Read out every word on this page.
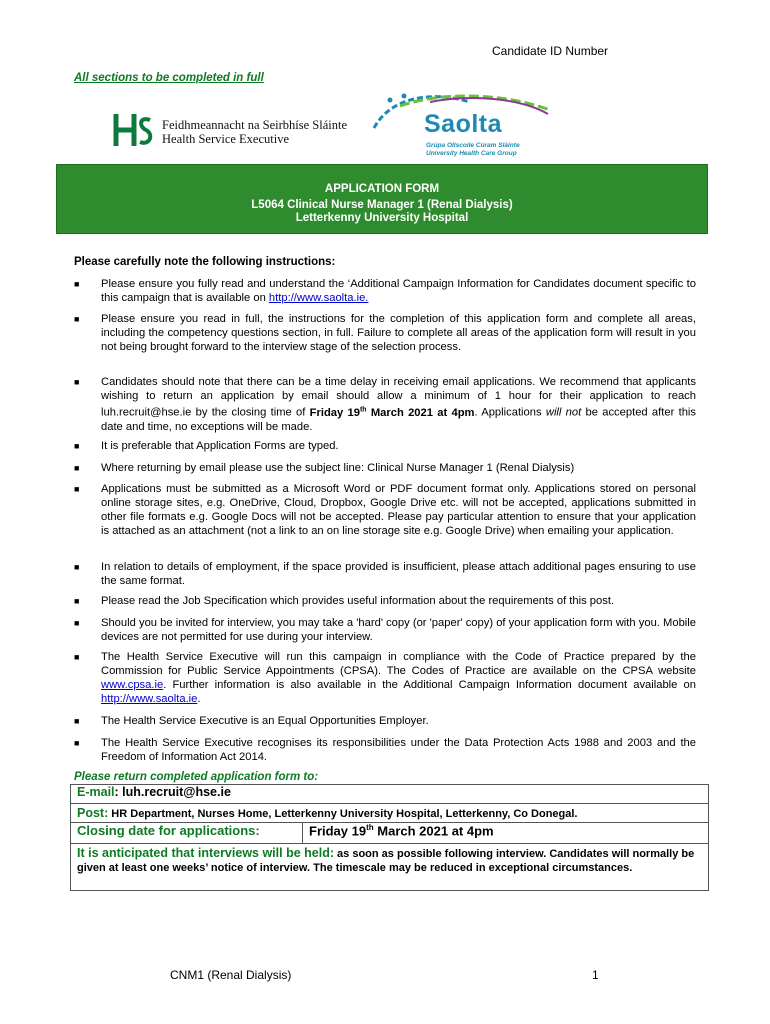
Candidate ID Number
All sections to be completed in full
Feidhmeannacht na Seirbhíse Sláinte
Health Service Executive
Saolta
Grúpa Ollscoile Cúram Sláinte
University Health Care Group
APPLICATION FORM
L5064 Clinical Nurse Manager 1 (Renal Dialysis)
Letterkenny University Hospital
Please carefully note the following instructions:
■	Please ensure you fully read and understand the ‘Additional Campaign Information for Candidates document specific to this campaign that is available on http://www.saolta.ie.
■	Please ensure you read in full, the instructions for the completion of this application form and complete all areas, including the competency questions section, in full. Failure to complete all areas of the application form will result in you not being brought forward to the interview stage of the selection process.
■	Candidates should note that there can be a time delay in receiving email applications. We recommend that applicants wishing to return an application by email should allow a minimum of 1 hour for their application to reach luh.recruit@hse.ie by the closing time of Friday 19th March 2021 at 4pm. Applications will not be accepted after this date and time, no exceptions will be made.
■	It is preferable that Application Forms are typed.
■	Where returning by email please use the subject line: Clinical Nurse Manager 1 (Renal Dialysis)
■	Applications must be submitted as a Microsoft Word or PDF document format only. Applications stored on personal online storage sites, e.g. OneDrive, Cloud, Dropbox, Google Drive etc. will not be accepted, applications submitted in other file formats e.g. Google Docs will not be accepted. Please pay particular attention to ensure that your application is attached as an attachment (not a link to an on line storage site e.g. Google Drive) when emailing your application.
■	In relation to details of employment, if the space provided is insufficient, please attach additional pages ensuring to use the same format.
■	Please read the Job Specification which provides useful information about the requirements of this post.
■	Should you be invited for interview, you may take a 'hard' copy (or 'paper' copy) of your application form with you. Mobile devices are not permitted for use during your interview.
■	The Health Service Executive will run this campaign in compliance with the Code of Practice prepared by the Commission for Public Service Appointments (CPSA). The Codes of Practice are available on the CPSA website www.cpsa.ie. Further information is also available in the Additional Campaign Information document available on http://www.saolta.ie.
■	The Health Service Executive is an Equal Opportunities Employer.
■	The Health Service Executive recognises its responsibilities under the Data Protection Acts 1988 and 2003 and the Freedom of Information Act 2014.
Please return completed application form to:
E-mail: luh.recruit@hse.ie
Post: HR Department, Nurses Home, Letterkenny University Hospital, Letterkenny, Co Donegal.
Closing date for applications:	Friday 19th March 2021 at 4pm
It is anticipated that interviews will be held: as soon as possible following interview. Candidates will normally be given at least one weeks’ notice of interview. The timescale may be reduced in exceptional circumstances.
CNM1 (Renal Dialysis)	1
